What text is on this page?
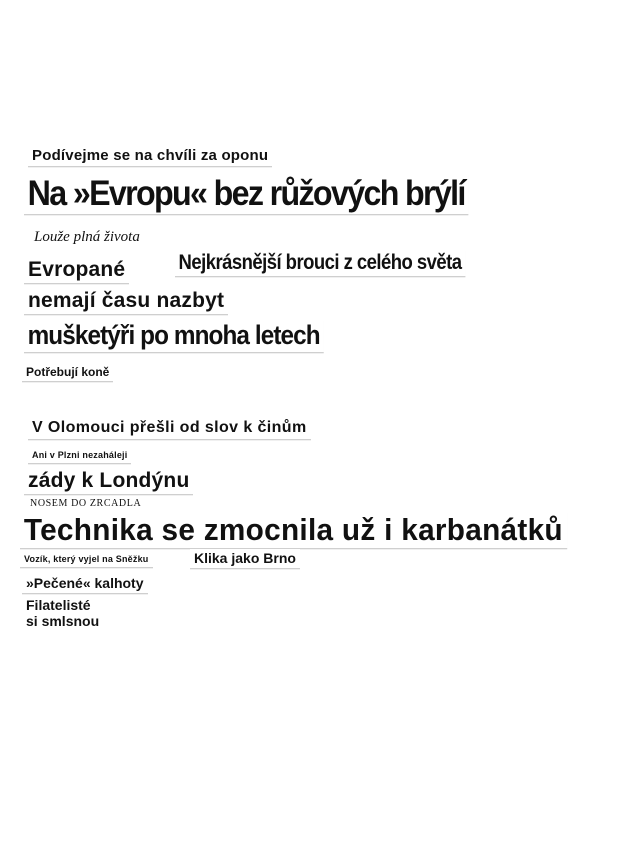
Podívejme se na chvíli za oponu
Na »Evropu« bez růžových brýlí
Louže plná života
Evropané	Nejkrásnější brouci z celého světa
nemají času nazbyt
mušketýři po mnoha letech
Potřebují koně
V Olomouci přešli od slov k činům
Ani v Plzni nezaháleji
zády k Londýnu
NOSEM DO ZRCADLA
Technika se zmocnila už i karbanátků
Vozík, který vyjel na Sněžku	Klika jako Brno
»Pečené« kalhoty
Filatelisté
si smlsnou
